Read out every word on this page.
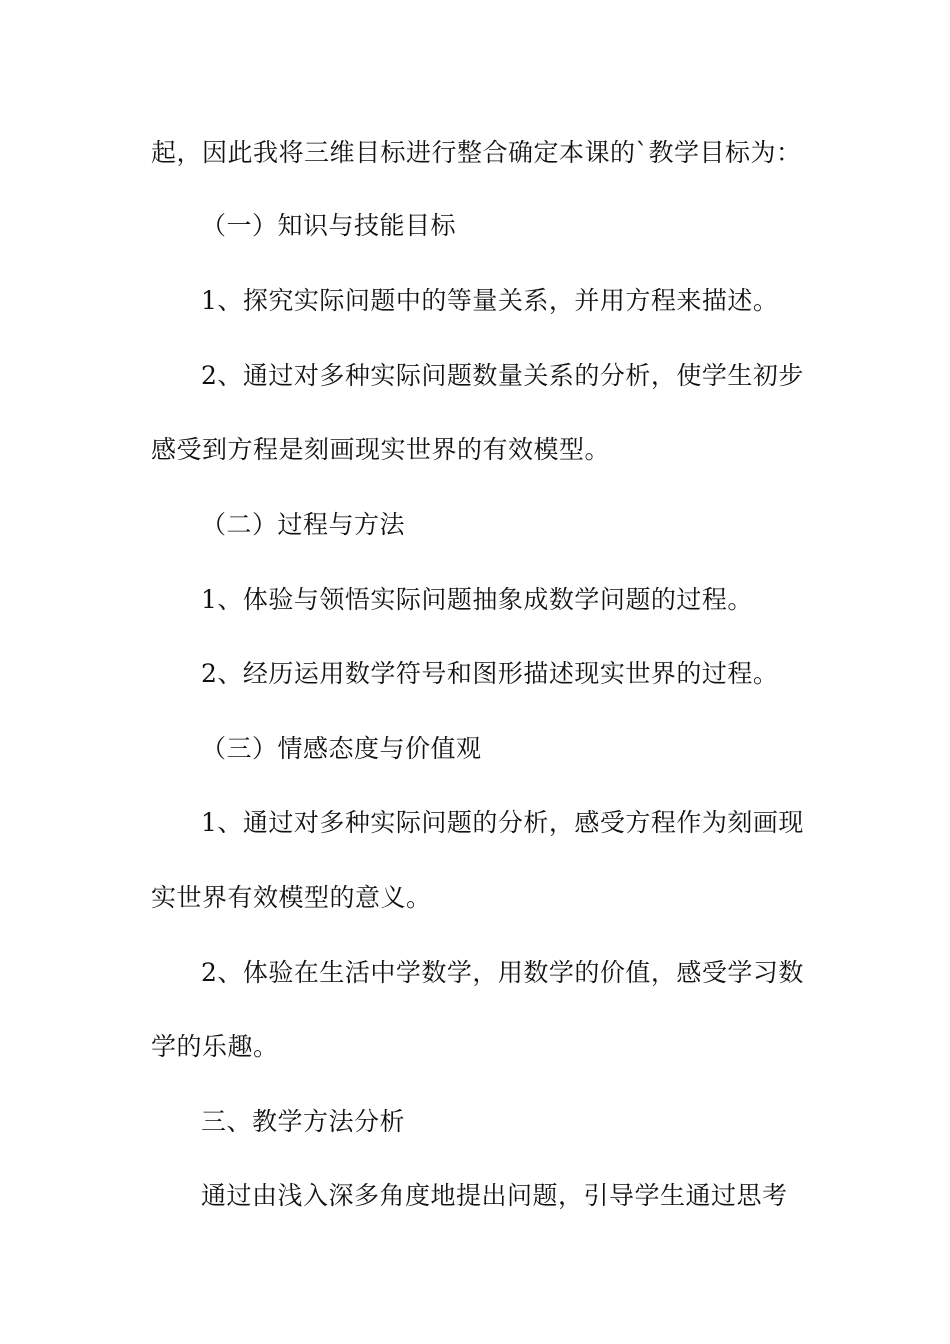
起，因此我将三维目标进行整合确定本课的`教学目标为：
（一）知识与技能目标
1、探究实际问题中的等量关系，并用方程来描述。
2、通过对多种实际问题数量关系的分析，使学生初步
感受到方程是刻画现实世界的有效模型。
（二）过程与方法
1、体验与领悟实际问题抽象成数学问题的过程。
2、经历运用数学符号和图形描述现实世界的过程。
（三）情感态度与价值观
1、通过对多种实际问题的分析，感受方程作为刻画现
实世界有效模型的意义。
2、体验在生活中学数学，用数学的价值，感受学习数
学的乐趣。
三、教学方法分析
通过由浅入深多角度地提出问题，引导学生通过思考
